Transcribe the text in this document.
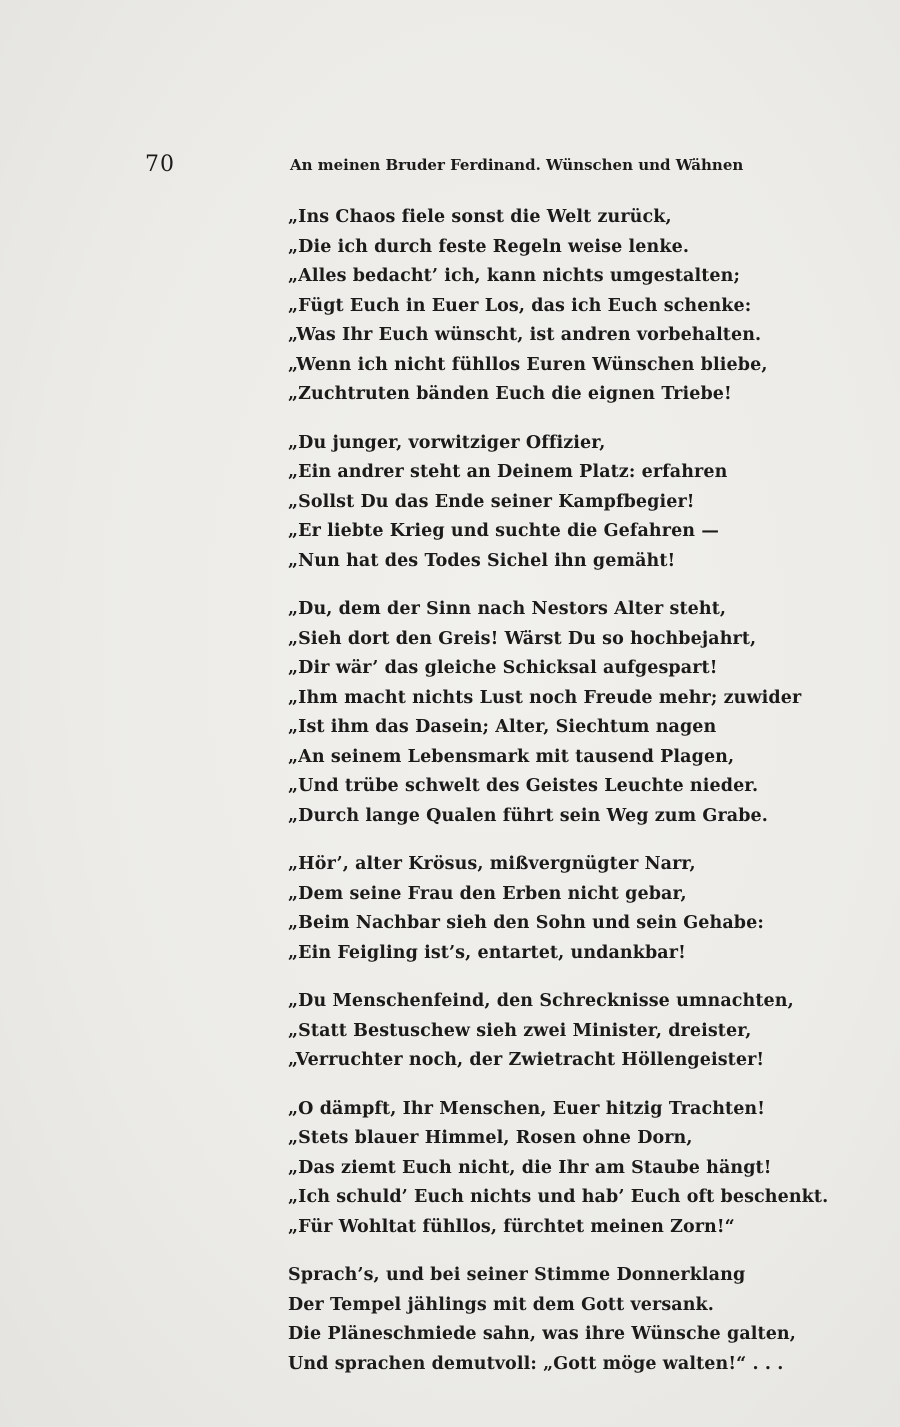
70	An meinen Bruder Ferdinand. Wünschen und Wähnen
„Ins Chaos fiele sonst die Welt zurück,
„Die ich durch feste Regeln weise lenke.
„Alles bedacht’ ich, kann nichts umgestalten;
„Fügt Euch in Euer Los, das ich Euch schenke:
„Was Ihr Euch wünscht, ist andren vorbehalten.
„Wenn ich nicht fühllos Euren Wünschen bliebe,
„Zuchtruten bänden Euch die eignen Triebe!
„Du junger, vorwitziger Offizier,
„Ein andrer steht an Deinem Platz: erfahren
„Sollst Du das Ende seiner Kampfbegier!
„Er liebte Krieg und suchte die Gefahren —
„Nun hat des Todes Sichel ihn gemäht!
„Du, dem der Sinn nach Nestors Alter steht,
„Sieh dort den Greis! Wärst Du so hochbejahrt,
„Dir wär’ das gleiche Schicksal aufgespart!
„Ihm macht nichts Lust noch Freude mehr; zuwider
„Ist ihm das Dasein; Alter, Siechtum nagen
„An seinem Lebensmark mit tausend Plagen,
„Und trübe schwelt des Geistes Leuchte nieder.
„Durch lange Qualen führt sein Weg zum Grabe.
„Hör’, alter Krösus, mißvergnügter Narr,
„Dem seine Frau den Erben nicht gebar,
„Beim Nachbar sieh den Sohn und sein Gehabe:
„Ein Feigling ist’s, entartet, undankbar!
„Du Menschenfeind, den Schrecknisse umnachten,
„Statt Bestuschew sieh zwei Minister, dreister,
„Verruchter noch, der Zwietracht Höllengeister!
„O dämpft, Ihr Menschen, Euer hitzig Trachten!
„Stets blauer Himmel, Rosen ohne Dorn,
„Das ziemt Euch nicht, die Ihr am Staube hängt!
„Ich schuld’ Euch nichts und hab’ Euch oft beschenkt.
„Für Wohltat fühllos, fürchtet meinen Zorn!“
Sprach’s, und bei seiner Stimme Donnerklang
Der Tempel jählings mit dem Gott versank.
Die Pläneschmiede sahn, was ihre Wünsche galten,
Und sprachen demutvoll: „Gott möge walten!“ . . .
